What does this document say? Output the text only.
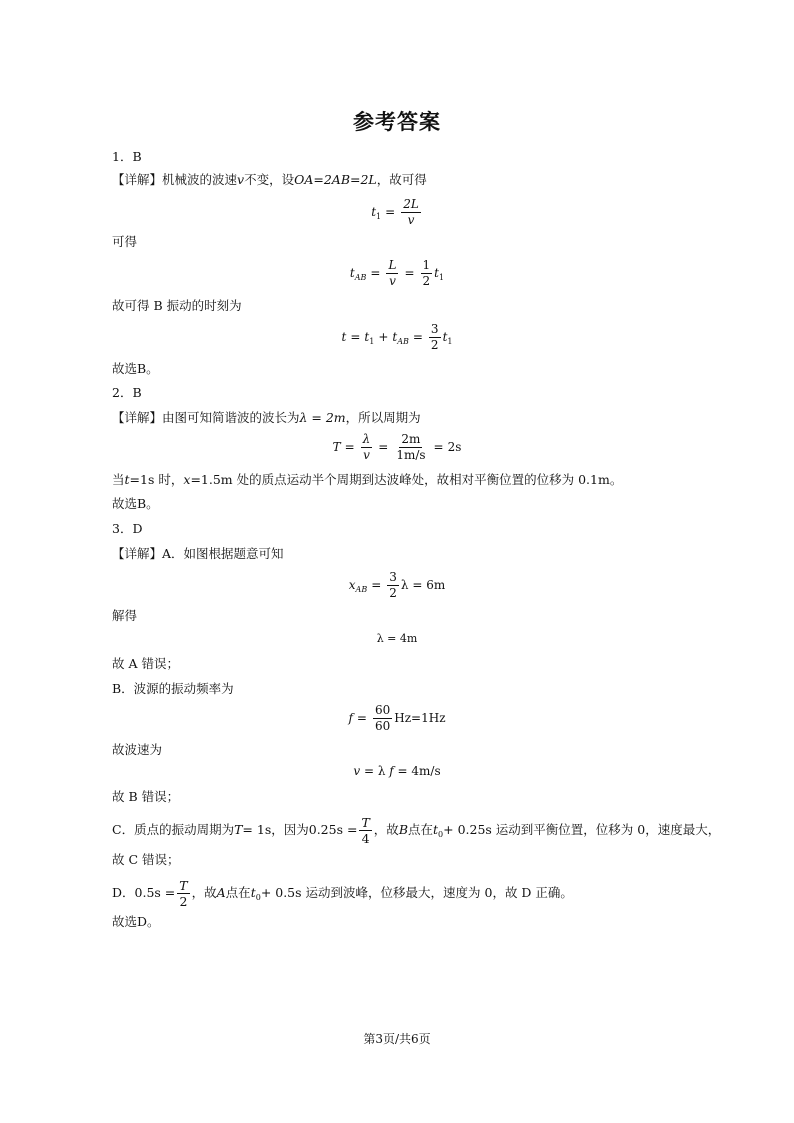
参考答案
1．B
【详解】机械波的波速v不变，设OA=2AB=2L，故可得
$t_1 = \frac{2L}{v}$
可得
$t_{AB} = \frac{L}{v} = \frac{1}{2} t_1$
故可得 B 振动的时刻为
$t = t_1 + t_{AB} = \frac{3}{2} t_1$
故选B。
2．B
【详解】由图可知简谐波的波长为λ = 2m，所以周期为
$T = \frac{\lambda}{v} = \frac{2m}{1m/s} = 2s$
当t=1s 时，x=1.5m 处的质点运动半个周期到达波峰处，故相对平衡位置的位移为 0.1m。
故选B。
3．D
【详解】A．如图根据题意可知
$x_{AB} = \frac{3}{2}$ λ = 6m
解得
λ = 4m
故 A 错误；
B．波源的振动频率为
$f = \frac{60}{60} Hz=1Hz$
故波速为
v = λ f = 4m/s
故 B 错误；
C．质点的振动周期为T= 1s，因为$0.25s = \frac{T}{4}$ ，故B点在$t_0+ 0.25s$ 运动到平衡位置，位移为 0，速度最大，
故 C 错误；
D．$0.5s = \frac{T}{2}$ ，故A点在$t_0+ 0.5s$ 运动到波峰，位移最大，速度为 0，故 D 正确。
故选D。
第3页/共6页
